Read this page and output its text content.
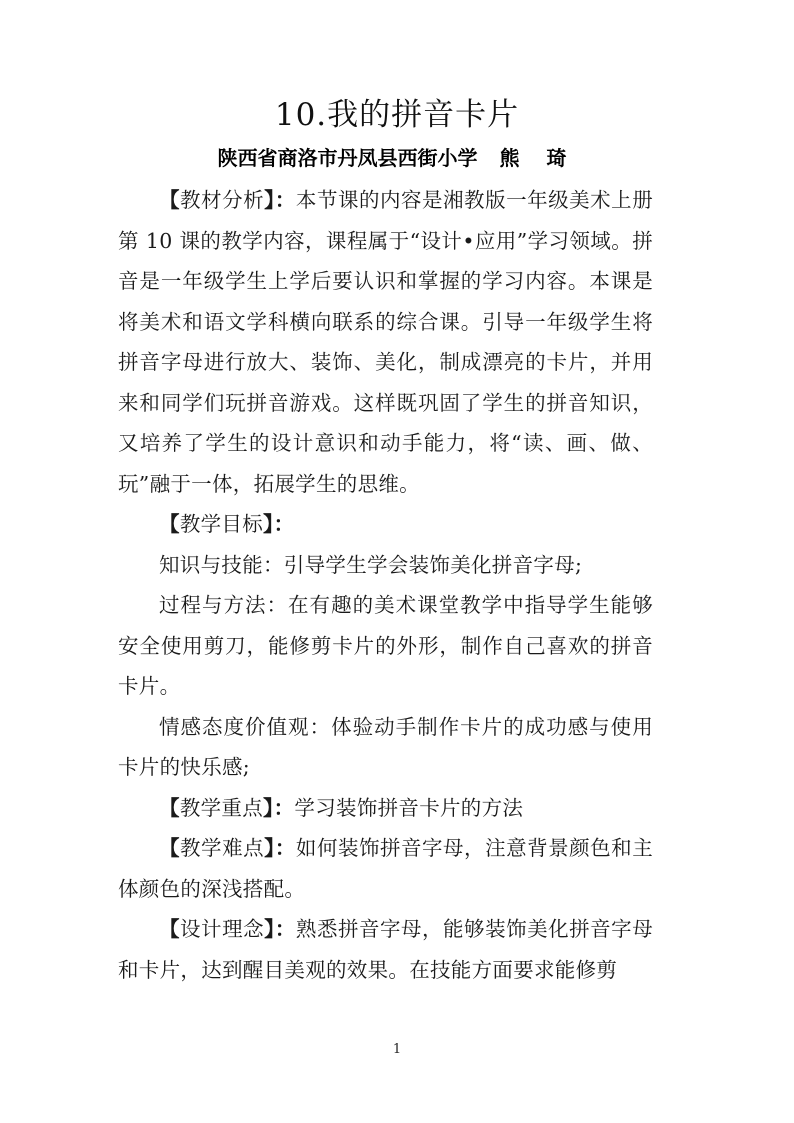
10.我的拼音卡片
陕西省商洛市丹凤县西街小学 熊 琦

【教材分析】：本节课的内容是湘教版一年级美术上册第 10 课的教学内容，课程属于“设计•应用”学习领域。拼音是一年级学生上学后要认识和掌握的学习内容。本课是将美术和语文学科横向联系的综合课。引导一年级学生将拼音字母进行放大、装饰、美化，制成漂亮的卡片，并用来和同学们玩拼音游戏。这样既巩固了学生的拼音知识，又培养了学生的设计意识和动手能力，将“读、画、做、玩”融于一体，拓展学生的思维。

【教学目标】：

知识与技能：引导学生学会装饰美化拼音字母;

过程与方法：在有趣的美术课堂教学中指导学生能够安全使用剪刀，能修剪卡片的外形，制作自己喜欢的拼音卡片。

情感态度价值观：体验动手制作卡片的成功感与使用卡片的快乐感;

【教学重点】：学习装饰拼音卡片的方法

【教学难点】：如何装饰拼音字母，注意背景颜色和主体颜色的深浅搭配。

【设计理念】：熟悉拼音字母，能够装饰美化拼音字母和卡片，达到醒目美观的效果。在技能方面要求能修剪

1
